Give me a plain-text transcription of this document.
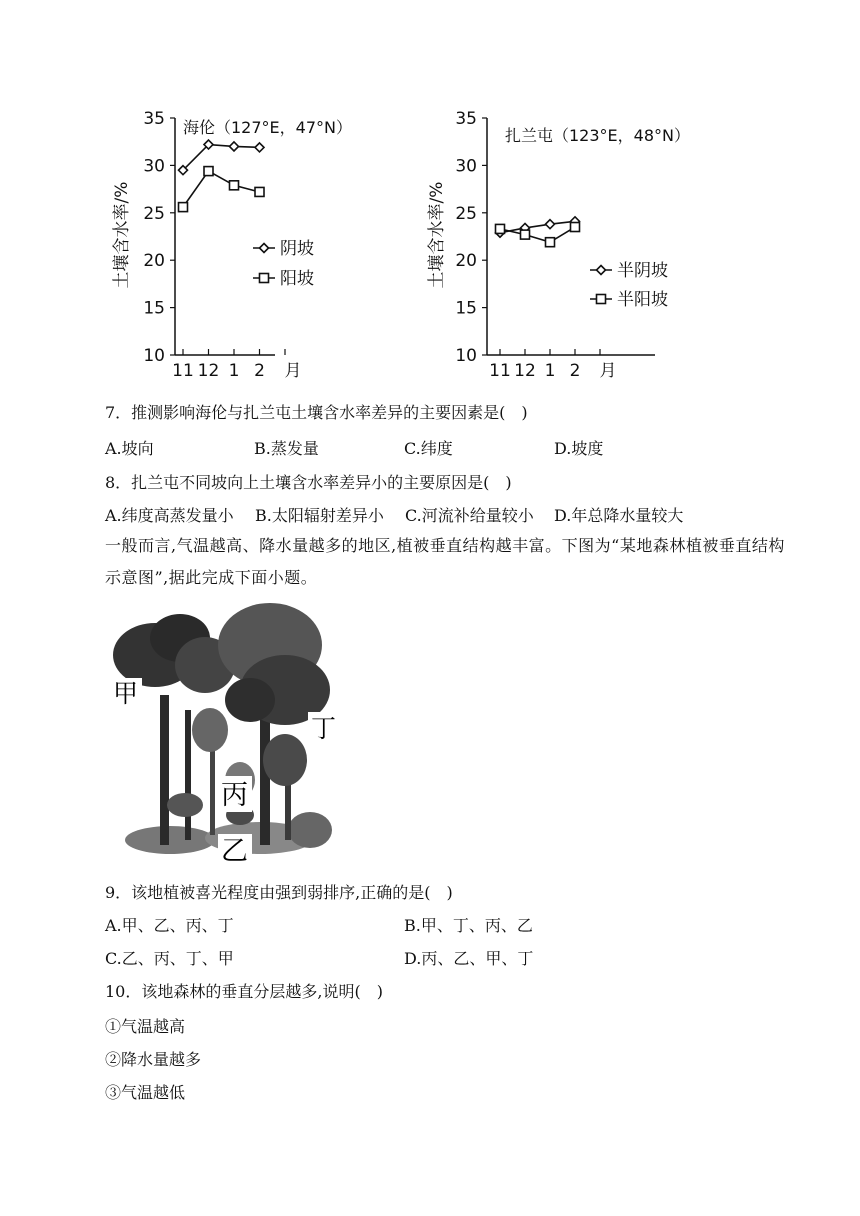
35
30
25
20
15
10
11 12 1 2 月
海伦（127°E，47°N）
土壤含水率/%	阴坡
阳坡
35
30
25
20
15
10
11 12 1 2 月
扎兰屯（123°E，48°N）
土壤含水率/%	半阴坡
半阳坡
7．推测影响海伦与扎兰屯土壤含水率差异的主要因素是(　)
A.坡向	B.蒸发量	C.纬度	D.坡度
8．扎兰屯不同坡向上土壤含水率差异小的主要原因是(　)
A.纬度高蒸发量小 B.太阳辐射差异小 C.河流补给量较小 D.年总降水量较大
一般而言,气温越高、降水量越多的地区,植被垂直结构越丰富。下图为“某地森林植被垂直结构示意图”,据此完成下面小题。
甲
丁
丙
乙
9．该地植被喜光程度由强到弱排序,正确的是(　)
A.甲、乙、丙、丁	B.甲、丁、丙、乙
C.乙、丙、丁、甲	D.丙、乙、甲、丁
10．该地森林的垂直分层越多,说明(　)
①气温越高
②降水量越多
③气温越低
